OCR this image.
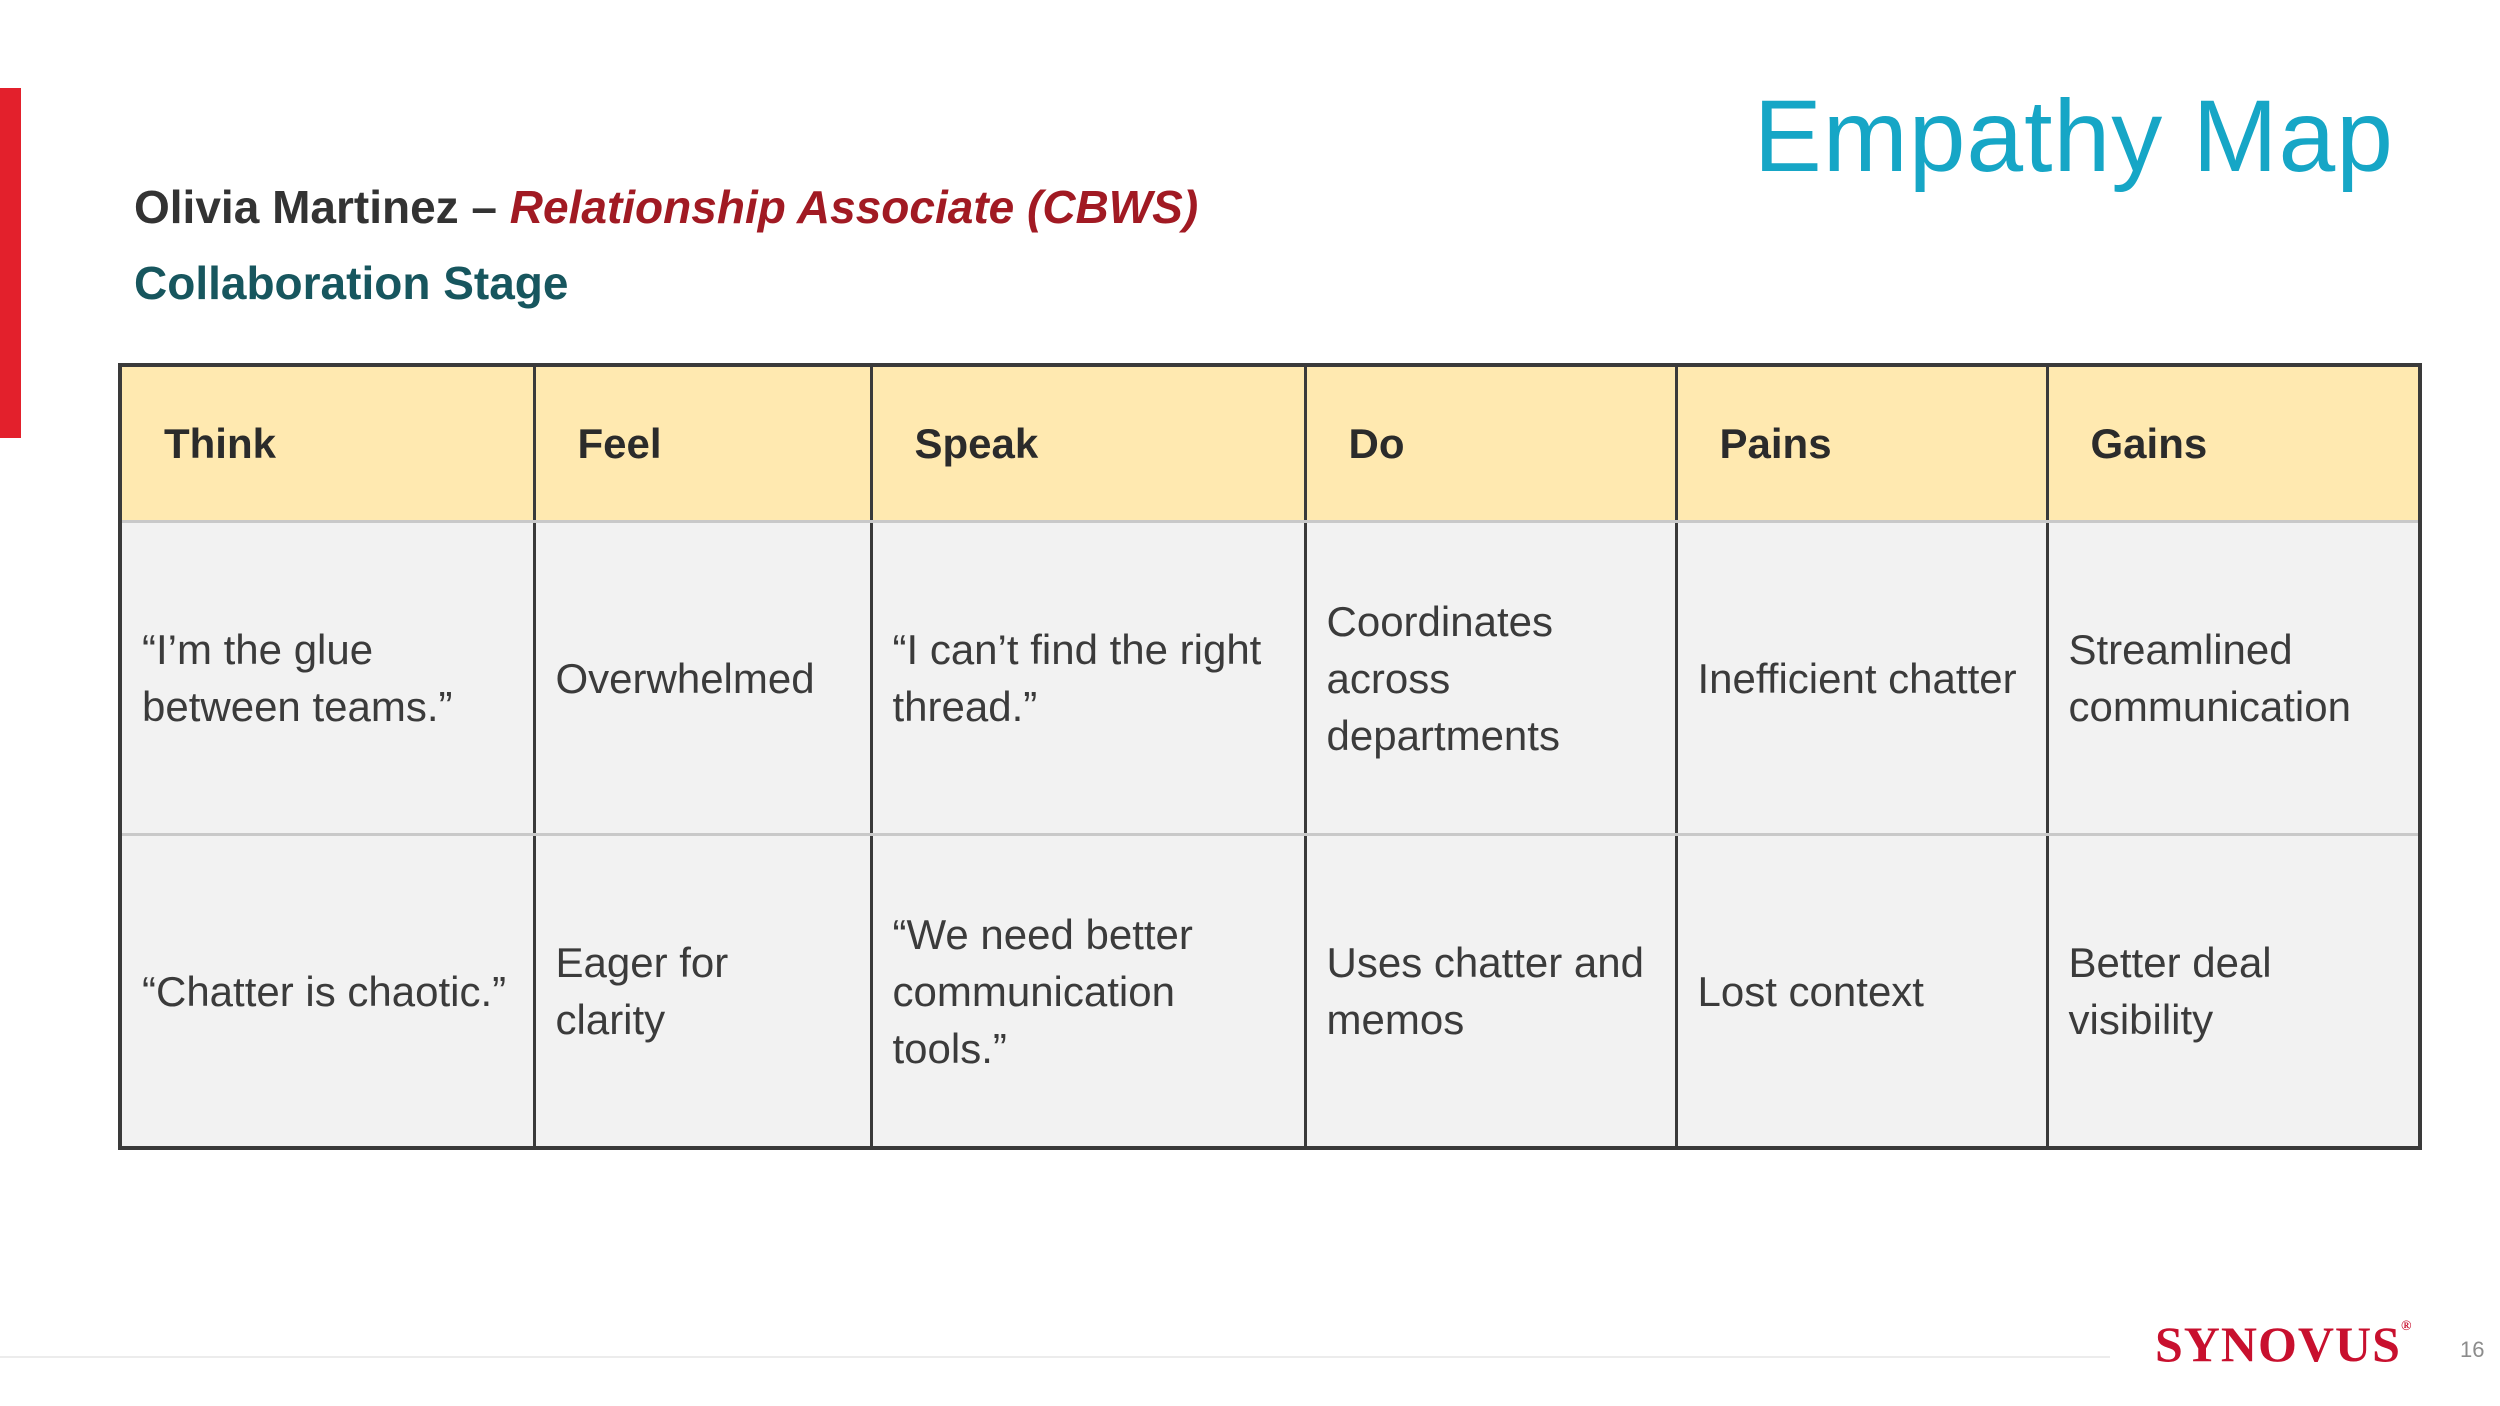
Empathy Map
Olivia Martinez – Relationship Associate (CBWS)
Collaboration Stage
Think	Feel	Speak	Do	Pains	Gains
“I’m the glue between teams.”	Overwhelmed	“I can’t find the right thread.”	Coordinates across departments	Inefficient chatter	Streamlined communication
“Chatter is chaotic.”	Eager for clarity	“We need better communication tools.”	Uses chatter and memos	Lost context	Better deal visibility
SYNOVUS®
16
